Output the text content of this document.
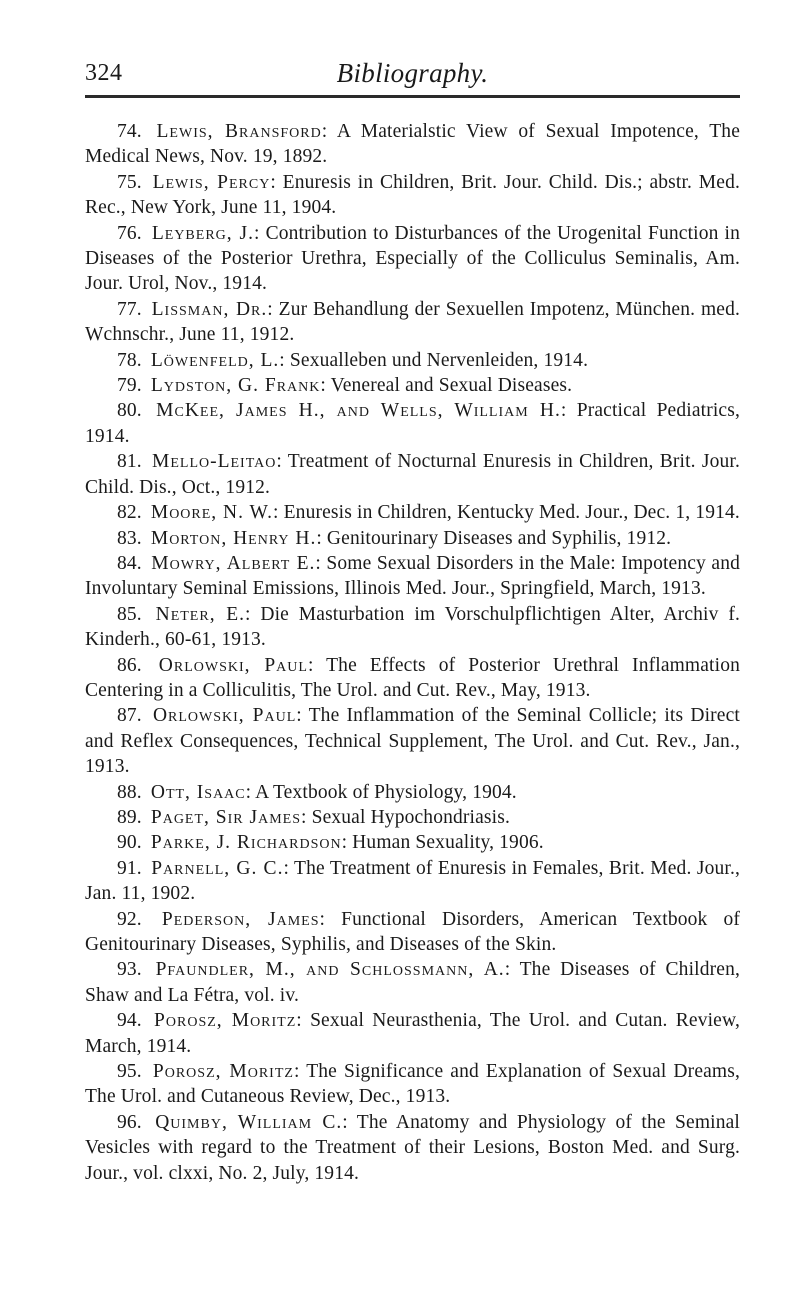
324	Bibliography.

74. Lewis, Bransford: A Materialstic View of Sexual Impotence, The Medical News, Nov. 19, 1892.

75. Lewis, Percy: Enuresis in Children, Brit. Jour. Child. Dis.; abstr. Med. Rec., New York, June 11, 1904.

76. Leyberg, J.: Contribution to Disturbances of the Urogenital Function in Diseases of the Posterior Urethra, Especially of the Colliculus Seminalis, Am. Jour. Urol, Nov., 1914.

77. Lissman, Dr.: Zur Behandlung der Sexuellen Impotenz, München. med. Wchnschr., June 11, 1912.

78. Löwenfeld, L.: Sexualleben und Nervenleiden, 1914.

79. Lydston, G. Frank: Venereal and Sexual Diseases.

80. McKee, James H., and Wells, William H.: Practical Pediatrics, 1914.

81. Mello-Leitao: Treatment of Nocturnal Enuresis in Children, Brit. Jour. Child. Dis., Oct., 1912.

82. Moore, N. W.: Enuresis in Children, Kentucky Med. Jour., Dec. 1, 1914.

83. Morton, Henry H.: Genitourinary Diseases and Syphilis, 1912.

84. Mowry, Albert E.: Some Sexual Disorders in the Male: Impotency and Involuntary Seminal Emissions, Illinois Med. Jour., Springfield, March, 1913.

85. Neter, E.: Die Masturbation im Vorschulpflichtigen Alter, Archiv f. Kinderh., 60-61, 1913.

86. Orlowski, Paul: The Effects of Posterior Urethral Inflammation Centering in a Colliculitis, The Urol. and Cut. Rev., May, 1913.

87. Orlowski, Paul: The Inflammation of the Seminal Collicle; its Direct and Reflex Consequences, Technical Supplement, The Urol. and Cut. Rev., Jan., 1913.

88. Ott, Isaac: A Textbook of Physiology, 1904.

89. Paget, Sir James: Sexual Hypochondriasis.

90. Parke, J. Richardson: Human Sexuality, 1906.

91. Parnell, G. C.: The Treatment of Enuresis in Females, Brit. Med. Jour., Jan. 11, 1902.

92. Pederson, James: Functional Disorders, American Textbook of Genitourinary Diseases, Syphilis, and Diseases of the Skin.

93. Pfaundler, M., and Schlossmann, A.: The Diseases of Children, Shaw and La Fétra, vol. iv.

94. Porosz, Moritz: Sexual Neurasthenia, The Urol. and Cutan. Review, March, 1914.

95. Porosz, Moritz: The Significance and Explanation of Sexual Dreams, The Urol. and Cutaneous Review, Dec., 1913.

96. Quimby, William C.: The Anatomy and Physiology of the Seminal Vesicles with regard to the Treatment of their Lesions, Boston Med. and Surg. Jour., vol. clxxi, No. 2, July, 1914.
